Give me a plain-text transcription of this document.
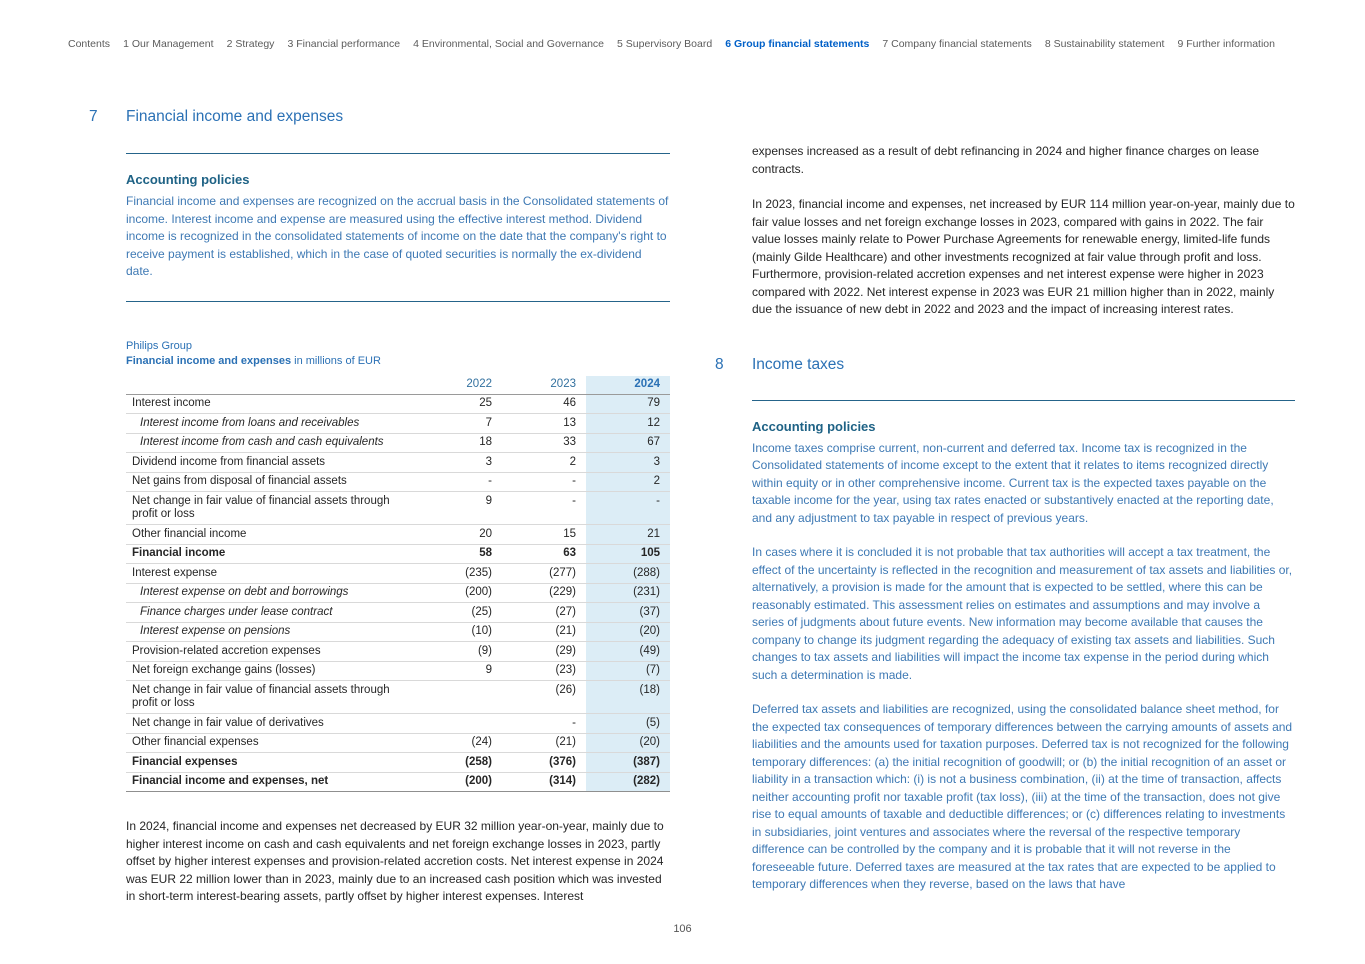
Contents 1 Our Management 2 Strategy 3 Financial performance 4 Environmental, Social and Governance 5 Supervisory Board 6 Group financial statements 7 Company financial statements 8 Sustainability statement 9 Further information
7	Financial income and expenses
Accounting policies

Financial income and expenses are recognized on the accrual basis in the Consolidated statements of income. Interest income and expense are measured using the effective interest method. Dividend income is recognized in the consolidated statements of income on the date that the company's right to receive payment is established, which in the case of quoted securities is normally the ex-dividend date.

Philips Group
Financial income and expenses in millions of EUR
	2022	2023	2024
Interest income	25	46	79
Interest income from loans and receivables	7	13	12
Interest income from cash and cash equivalents	18	33	67
Dividend income from financial assets	3	2	3
Net gains from disposal of financial assets	-	-	2
Net change in fair value of financial assets through profit or loss	9	-	-
Other financial income	20	15	21
Financial income	58	63	105
Interest expense	(235)	(277)	(288)
Interest expense on debt and borrowings	(200)	(229)	(231)
Finance charges under lease contract	(25)	(27)	(37)
Interest expense on pensions	(10)	(21)	(20)
Provision-related accretion expenses	(9)	(29)	(49)
Net foreign exchange gains (losses)	9	(23)	(7)
Net change in fair value of financial assets through profit or loss		(26)	(18)
Net change in fair value of derivatives		-	(5)
Other financial expenses	(24)	(21)	(20)
Financial expenses	(258)	(376)	(387)
Financial income and expenses, net	(200)	(314)	(282)

In 2024, financial income and expenses net decreased by EUR 32 million year-on-year, mainly due to higher interest income on cash and cash equivalents and net foreign exchange losses in 2023, partly offset by higher interest expenses and provision-related accretion costs. Net interest expense in 2024 was EUR 22 million lower than in 2023, mainly due to an increased cash position which was invested in short-term interest-bearing assets, partly offset by higher interest expenses. Interest

expenses increased as a result of debt refinancing in 2024 and higher finance charges on lease contracts.

In 2023, financial income and expenses, net increased by EUR 114 million year-on-year, mainly due to fair value losses and net foreign exchange losses in 2023, compared with gains in 2022. The fair value losses mainly relate to Power Purchase Agreements for renewable energy, limited-life funds (mainly Gilde Healthcare) and other investments recognized at fair value through profit and loss. Furthermore, provision-related accretion expenses and net interest expense were higher in 2023 compared with 2022. Net interest expense in 2023 was EUR 21 million higher than in 2022, mainly due the issuance of new debt in 2022 and 2023 and the impact of increasing interest rates.

8	Income taxes
Accounting policies

Income taxes comprise current, non-current and deferred tax. Income tax is recognized in the Consolidated statements of income except to the extent that it relates to items recognized directly within equity or in other comprehensive income. Current tax is the expected taxes payable on the taxable income for the year, using tax rates enacted or substantively enacted at the reporting date, and any adjustment to tax payable in respect of previous years.

In cases where it is concluded it is not probable that tax authorities will accept a tax treatment, the effect of the uncertainty is reflected in the recognition and measurement of tax assets and liabilities or, alternatively, a provision is made for the amount that is expected to be settled, where this can be reasonably estimated. This assessment relies on estimates and assumptions and may involve a series of judgments about future events. New information may become available that causes the company to change its judgment regarding the adequacy of existing tax assets and liabilities. Such changes to tax assets and liabilities will impact the income tax expense in the period during which such a determination is made.

Deferred tax assets and liabilities are recognized, using the consolidated balance sheet method, for the expected tax consequences of temporary differences between the carrying amounts of assets and liabilities and the amounts used for taxation purposes. Deferred tax is not recognized for the following temporary differences: (a) the initial recognition of goodwill; or (b) the initial recognition of an asset or liability in a transaction which: (i) is not a business combination, (ii) at the time of transaction, affects neither accounting profit nor taxable profit (tax loss), (iii) at the time of the transaction, does not give rise to equal amounts of taxable and deductible differences; or (c) differences relating to investments in subsidiaries, joint ventures and associates where the reversal of the respective temporary difference can be controlled by the company and it is probable that it will not reverse in the foreseeable future. Deferred taxes are measured at the tax rates that are expected to be applied to temporary differences when they reverse, based on the laws that have

106
